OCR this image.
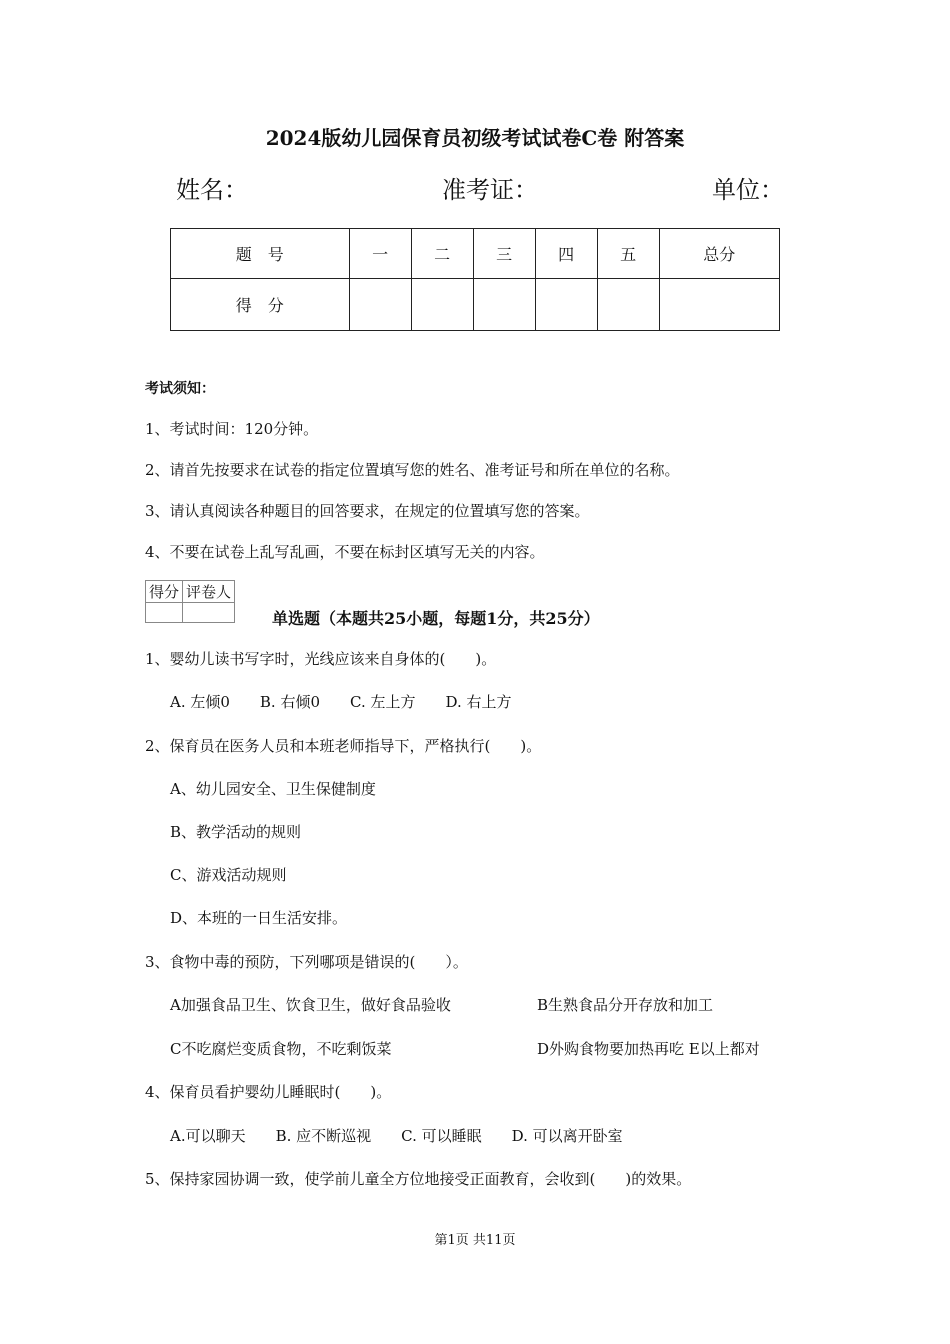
2024版幼儿园保育员初级考试试卷C卷 附答案
姓名：	准考证：	单位：
题　号	一	二	三	四	五	总分
得　分						
考试须知：
1、考试时间：120分钟。
2、请首先按要求在试卷的指定位置填写您的姓名、准考证号和所在单位的名称。
3、请认真阅读各种题目的回答要求，在规定的位置填写您的答案。
4、不要在试卷上乱写乱画，不要在标封区填写无关的内容。
得分	评卷人

单选题（本题共25小题，每题1分，共25分）
1、婴幼儿读书写字时，光线应该来自身体的(　　)。
A. 左倾0　　B. 右倾0　　C. 左上方　　D. 右上方
2、保育员在医务人员和本班老师指导下，严格执行(　　)。
A、幼儿园安全、卫生保健制度
B、教学活动的规则
C、游戏活动规则
D、本班的一日生活安排。
3、食物中毒的预防，下列哪项是错误的(　　）。
A加强食品卫生、饮食卫生，做好食品验收	B生熟食品分开存放和加工
C不吃腐烂变质食物，不吃剩饭菜	D外购食物要加热再吃 E以上都对
4、保育员看护婴幼儿睡眠时(　　)。
A.可以聊天　　B. 应不断巡视　　C. 可以睡眠　　D. 可以离开卧室
5、保持家园协调一致，使学前儿童全方位地接受正面教育，会收到(　　)的效果。
第1页 共11页
